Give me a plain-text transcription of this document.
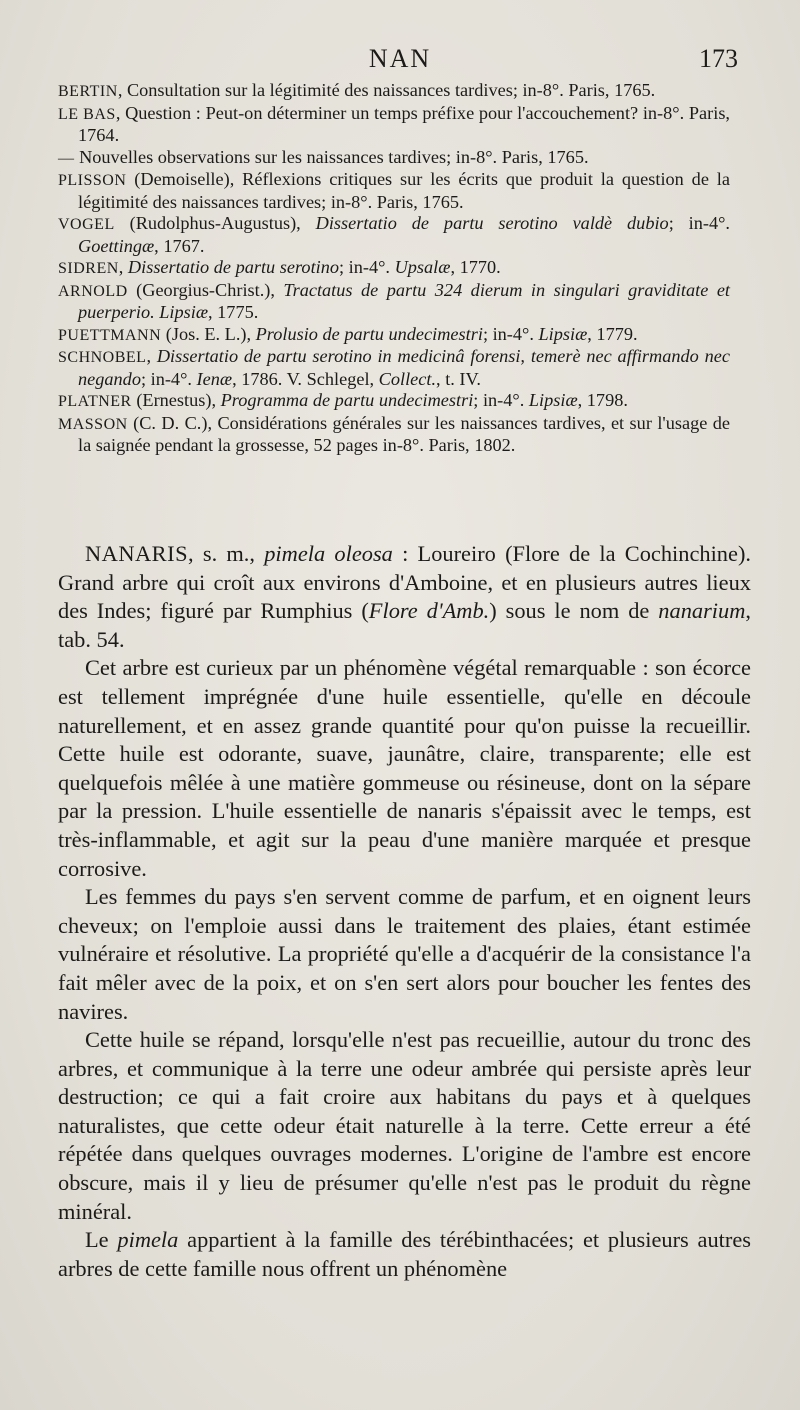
NAN	173

BERTIN, Consultation sur la légitimité des naissances tardives; in-8°. Paris, 1765.

LE BAS, Question : Peut-on déterminer un temps préfixe pour l'accouchement? in-8°. Paris, 1764.

— Nouvelles observations sur les naissances tardives; in-8°. Paris, 1765.

PLISSON (Demoiselle), Réflexions critiques sur les écrits que produit la question de la légitimité des naissances tardives; in-8°. Paris, 1765.

VOGEL (Rudolphus-Augustus), Dissertatio de partu serotino valdè dubio; in-4°. Goettingæ, 1767.

SIDREN, Dissertatio de partu serotino; in-4°. Upsalæ, 1770.

ARNOLD (Georgius-Christ.), Tractatus de partu 324 dierum in singulari graviditate et puerperio. Lipsiæ, 1775.

PUETTMANN (Jos. E. L.), Prolusio de partu undecimestri; in-4°. Lipsiæ, 1779.

SCHNOBEL, Dissertatio de partu serotino in medicinâ forensi, temerè nec affirmando nec negando; in-4°. Ienæ, 1786. V. Schlegel, Collect., t. IV.

PLATNER (Ernestus), Programma de partu undecimestri; in-4°. Lipsiæ, 1798.

MASSON (C. D. C.), Considérations générales sur les naissances tardives, et sur l'usage de la saignée pendant la grossesse, 52 pages in-8°. Paris, 1802.

NANARIS, s. m., pimela oleosa : Loureiro (Flore de la Cochinchine). Grand arbre qui croît aux environs d'Amboine, et en plusieurs autres lieux des Indes; figuré par Rumphius (Flore d'Amb.) sous le nom de nanarium, tab. 54.

Cet arbre est curieux par un phénomène végétal remarquable : son écorce est tellement imprégnée d'une huile essentielle, qu'elle en découle naturellement, et en assez grande quantité pour qu'on puisse la recueillir. Cette huile est odorante, suave, jaunâtre, claire, transparente; elle est quelquefois mêlée à une matière gommeuse ou résineuse, dont on la sépare par la pression. L'huile essentielle de nanaris s'épaissit avec le temps, est très-inflammable, et agit sur la peau d'une manière marquée et presque corrosive.

Les femmes du pays s'en servent comme de parfum, et en oignent leurs cheveux; on l'emploie aussi dans le traitement des plaies, étant estimée vulnéraire et résolutive. La propriété qu'elle a d'acquérir de la consistance l'a fait mêler avec de la poix, et on s'en sert alors pour boucher les fentes des navires.

Cette huile se répand, lorsqu'elle n'est pas recueillie, autour du tronc des arbres, et communique à la terre une odeur ambrée qui persiste après leur destruction; ce qui a fait croire aux habitans du pays et à quelques naturalistes, que cette odeur était naturelle à la terre. Cette erreur a été répétée dans quelques ouvrages modernes. L'origine de l'ambre est encore obscure, mais il y lieu de présumer qu'elle n'est pas le produit du règne minéral.

Le pimela appartient à la famille des térébinthacées; et plusieurs autres arbres de cette famille nous offrent un phénomène
